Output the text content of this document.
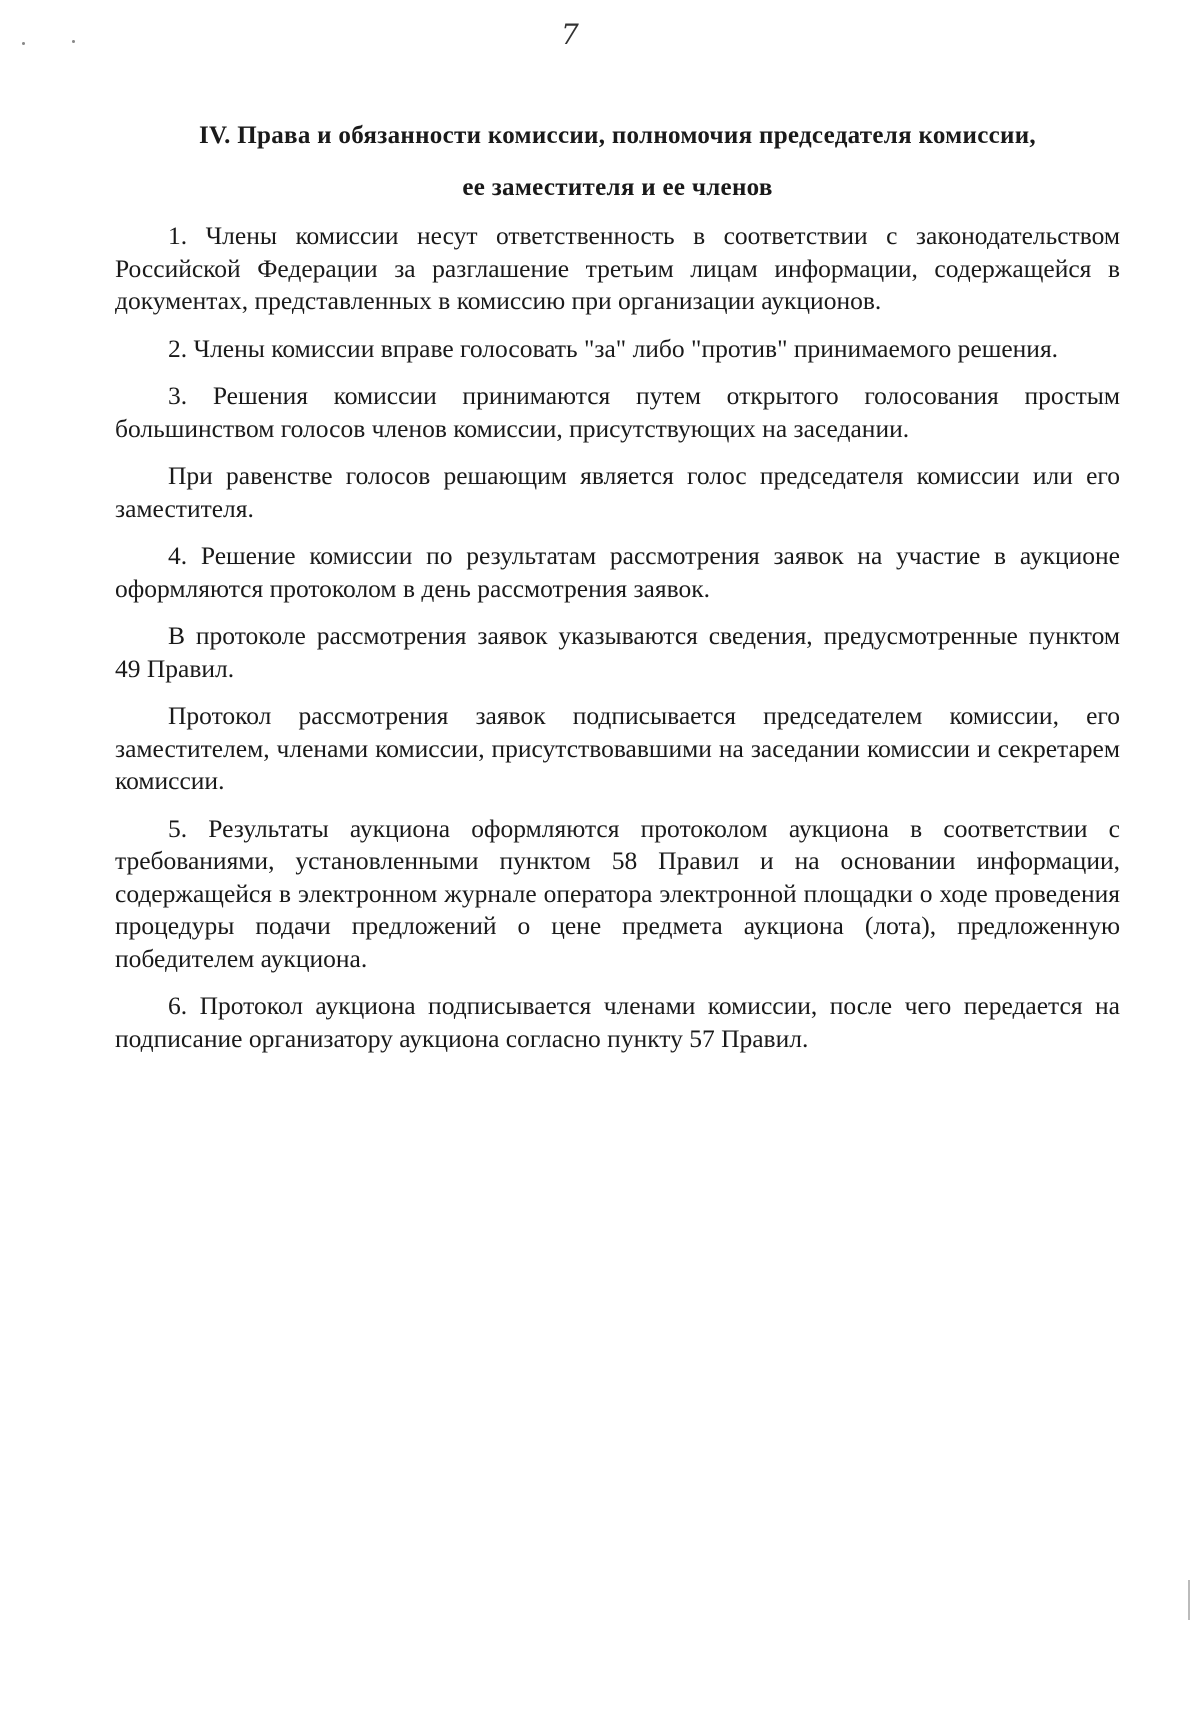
7
IV. Права и обязанности комиссии, полномочия председателя комиссии,
ее заместителя и ее членов

1. Члены комиссии несут ответственность в соответствии с законодательством Российской Федерации за разглашение третьим лицам информации, содержащейся в документах, представленных в комиссию при организации аукционов.

2. Члены комиссии вправе голосовать "за" либо "против" принимаемого решения.

3. Решения комиссии принимаются путем открытого голосования простым большинством голосов членов комиссии, присутствующих на заседании.

При равенстве голосов решающим является голос председателя комиссии или его заместителя.

4. Решение комиссии по результатам рассмотрения заявок на участие в аукционе оформляются протоколом в день рассмотрения заявок.

В протоколе рассмотрения заявок указываются сведения, предусмотренные пунктом 49 Правил.

Протокол рассмотрения заявок подписывается председателем комиссии, его заместителем, членами комиссии, присутствовавшими на заседании комиссии и секретарем комиссии.

5. Результаты аукциона оформляются протоколом аукциона в соответствии с требованиями, установленными пунктом 58 Правил и на основании информации, содержащейся в электронном журнале оператора электронной площадки о ходе проведения процедуры подачи предложений о цене предмета аукциона (лота), предложенную победителем аукциона.

6. Протокол аукциона подписывается членами комиссии, после чего передается на подписание организатору аукциона согласно пункту 57 Правил.
